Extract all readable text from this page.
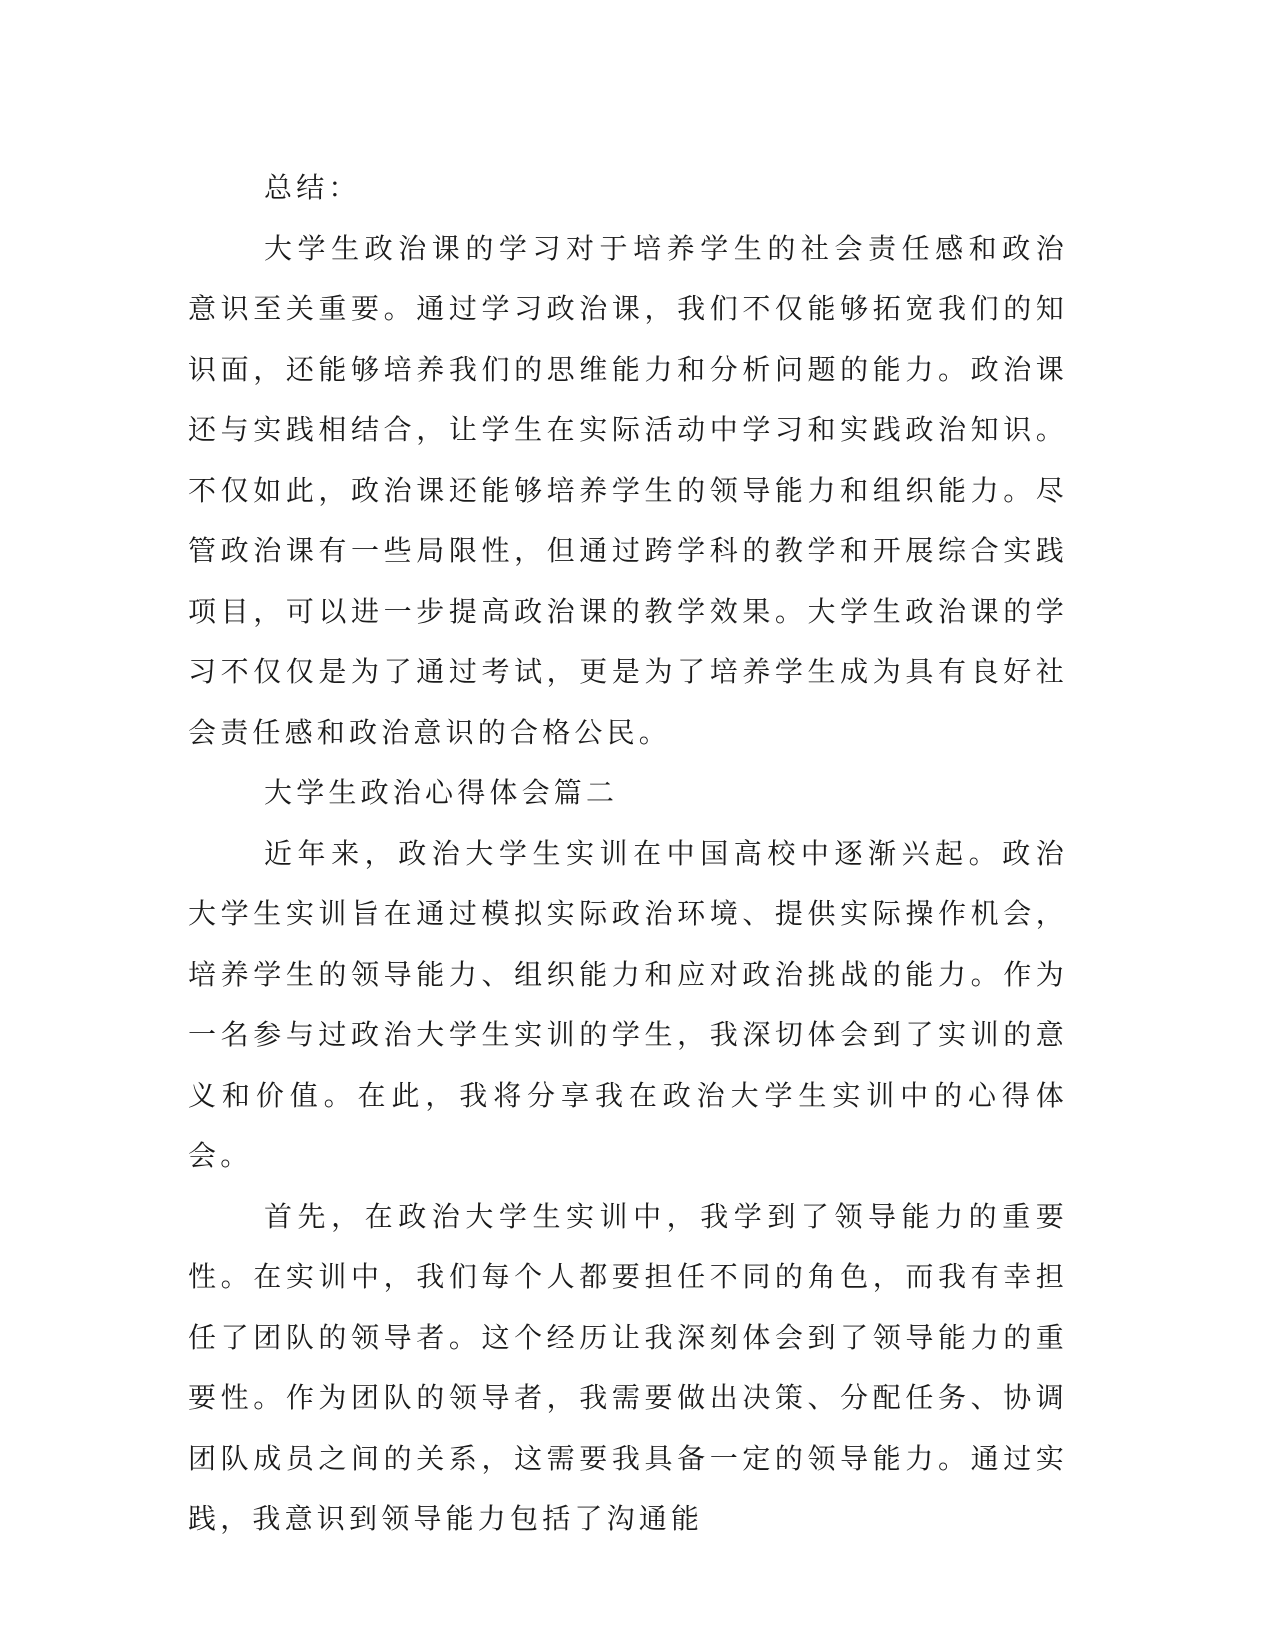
总结：

大学生政治课的学习对于培养学生的社会责任感和政治意识至关重要。通过学习政治课，我们不仅能够拓宽我们的知识面，还能够培养我们的思维能力和分析问题的能力。政治课还与实践相结合，让学生在实际活动中学习和实践政治知识。不仅如此，政治课还能够培养学生的领导能力和组织能力。尽管政治课有一些局限性，但通过跨学科的教学和开展综合实践项目，可以进一步提高政治课的教学效果。大学生政治课的学习不仅仅是为了通过考试，更是为了培养学生成为具有良好社会责任感和政治意识的合格公民。

大学生政治心得体会篇二

近年来，政治大学生实训在中国高校中逐渐兴起。政治大学生实训旨在通过模拟实际政治环境、提供实际操作机会，培养学生的领导能力、组织能力和应对政治挑战的能力。作为一名参与过政治大学生实训的学生，我深切体会到了实训的意义和价值。在此，我将分享我在政治大学生实训中的心得体会。

首先，在政治大学生实训中，我学到了领导能力的重要性。在实训中，我们每个人都要担任不同的角色，而我有幸担任了团队的领导者。这个经历让我深刻体会到了领导能力的重要性。作为团队的领导者，我需要做出决策、分配任务、协调团队成员之间的关系，这需要我具备一定的领导能力。通过实践，我意识到领导能力包括了沟通能
